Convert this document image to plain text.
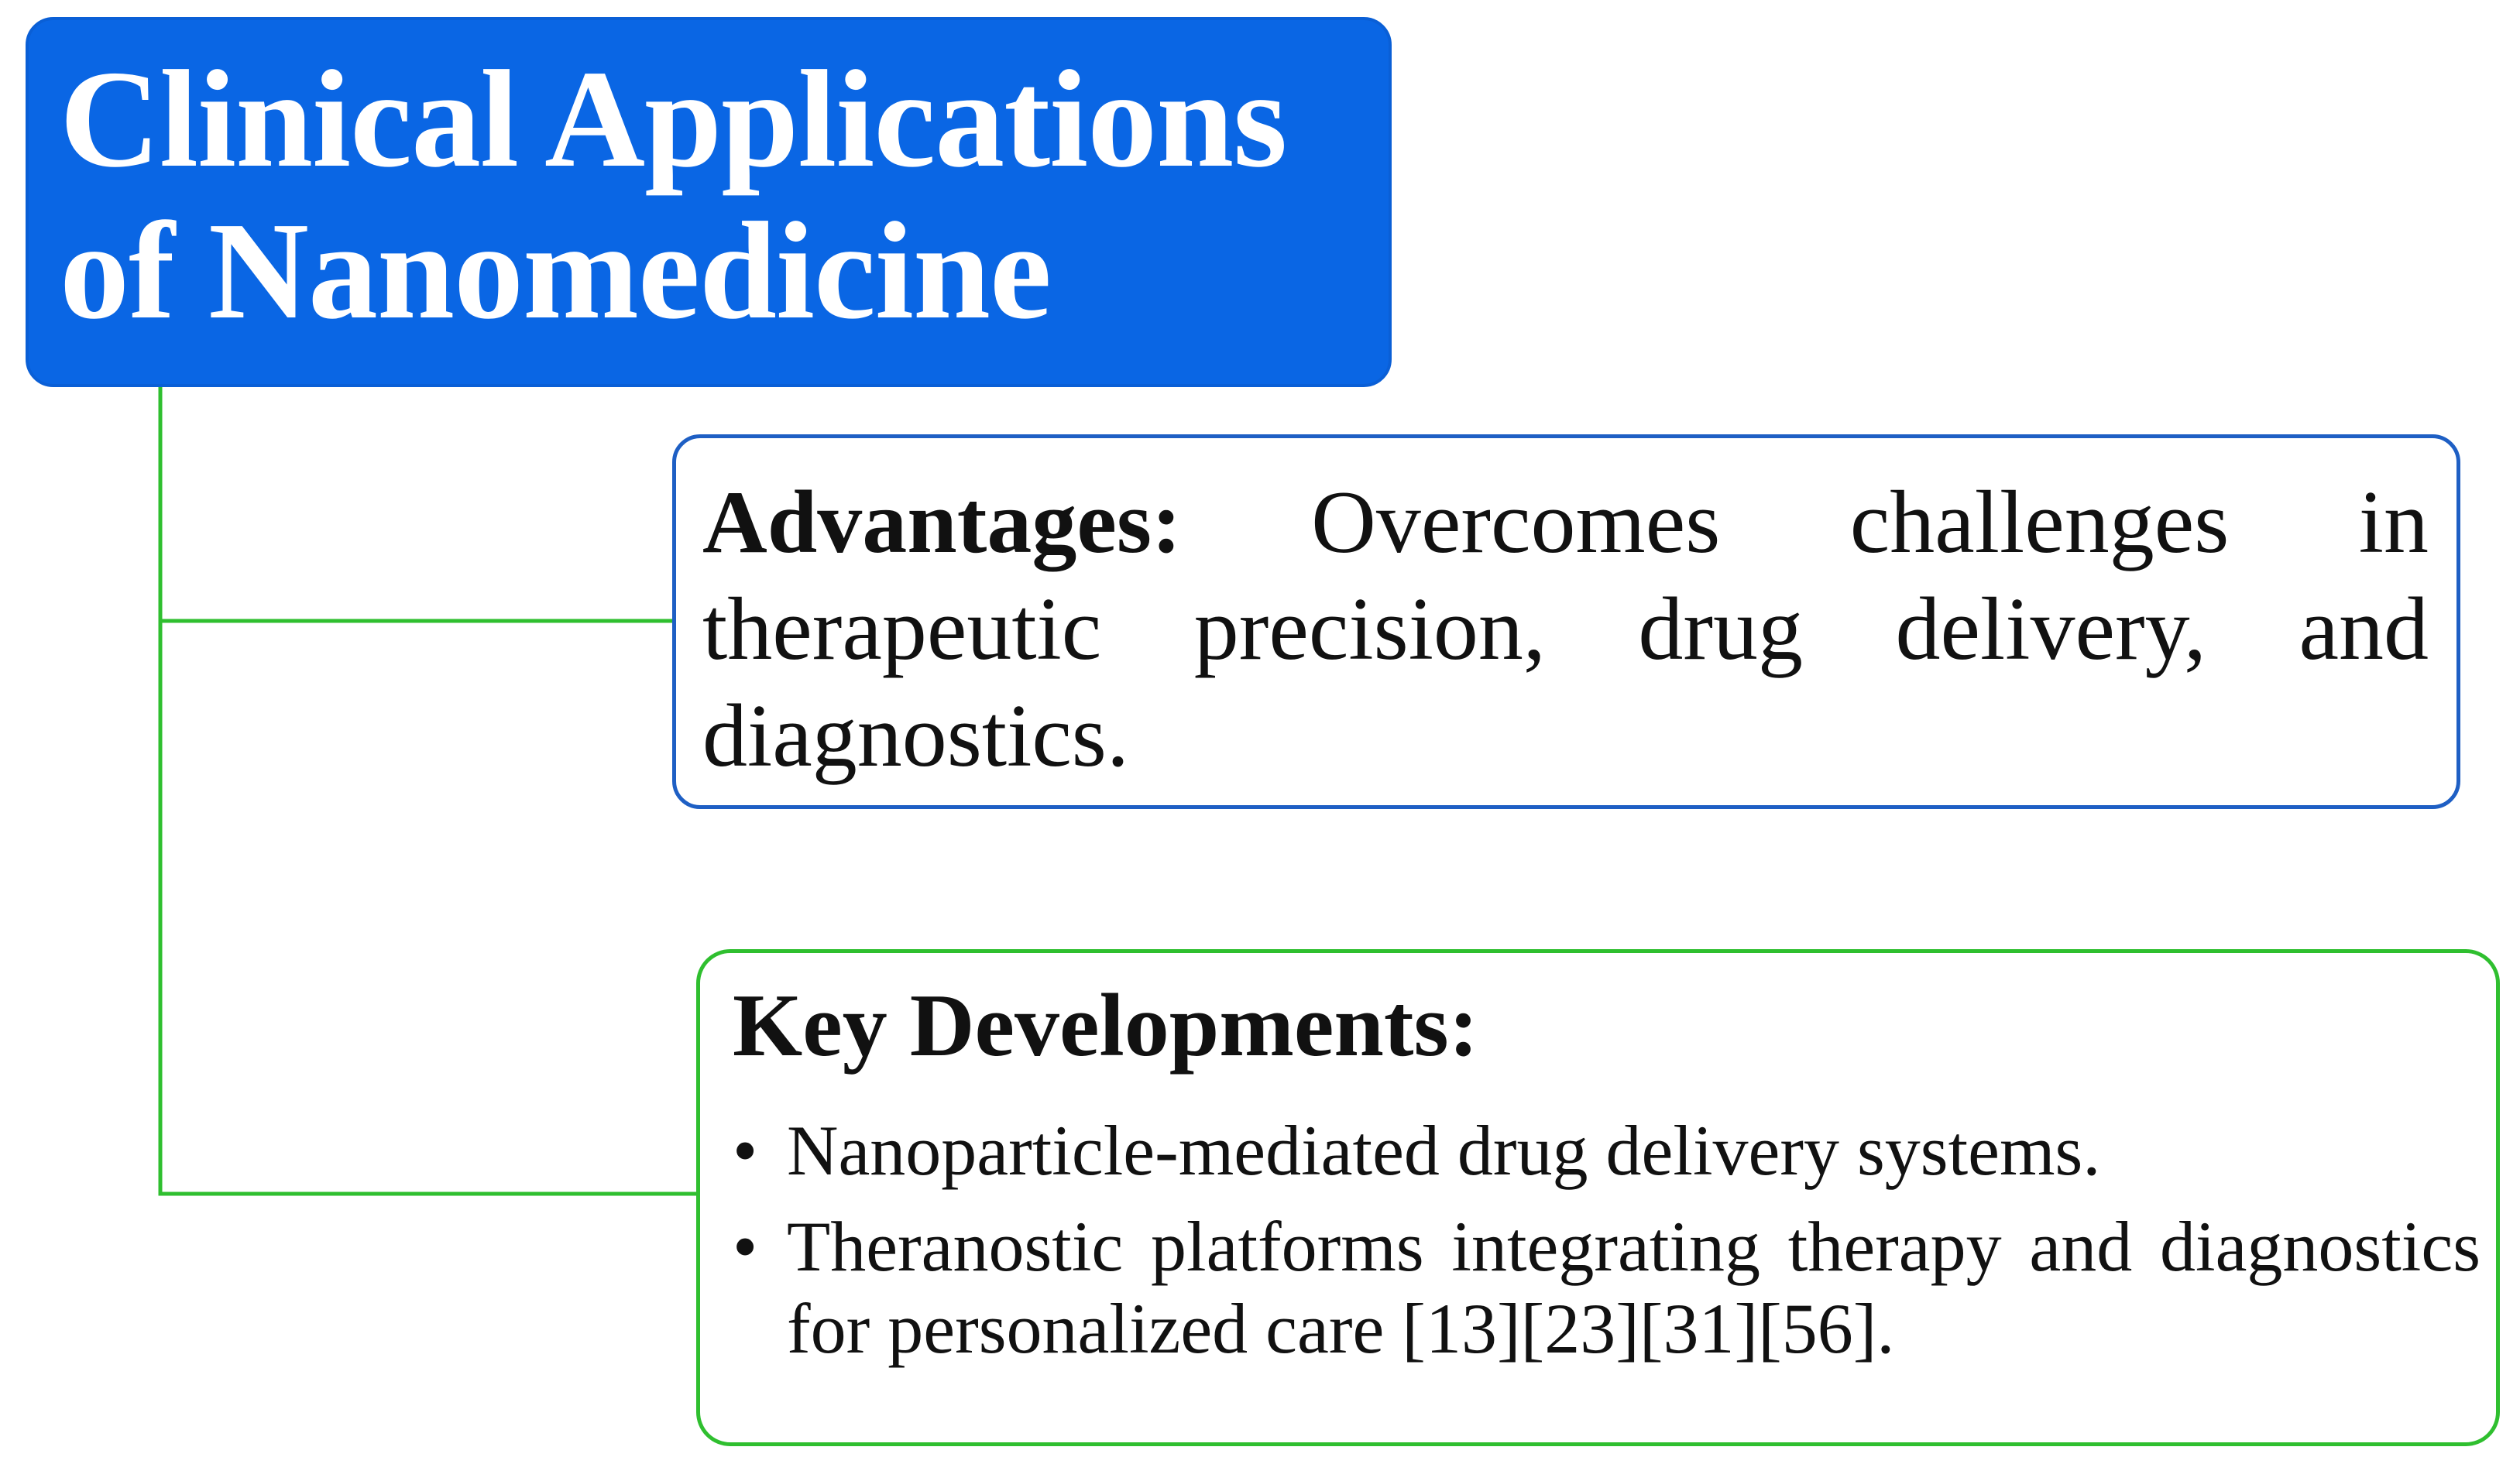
Clinical Applications
of Nanomedicine

Advantages: Overcomes challenges in therapeutic precision, drug delivery, and diagnostics.

Key Developments:

• Nanoparticle-mediated drug delivery systems.
• Theranostic platforms integrating therapy and diagnostics for personalized care [13][23][31][56].
